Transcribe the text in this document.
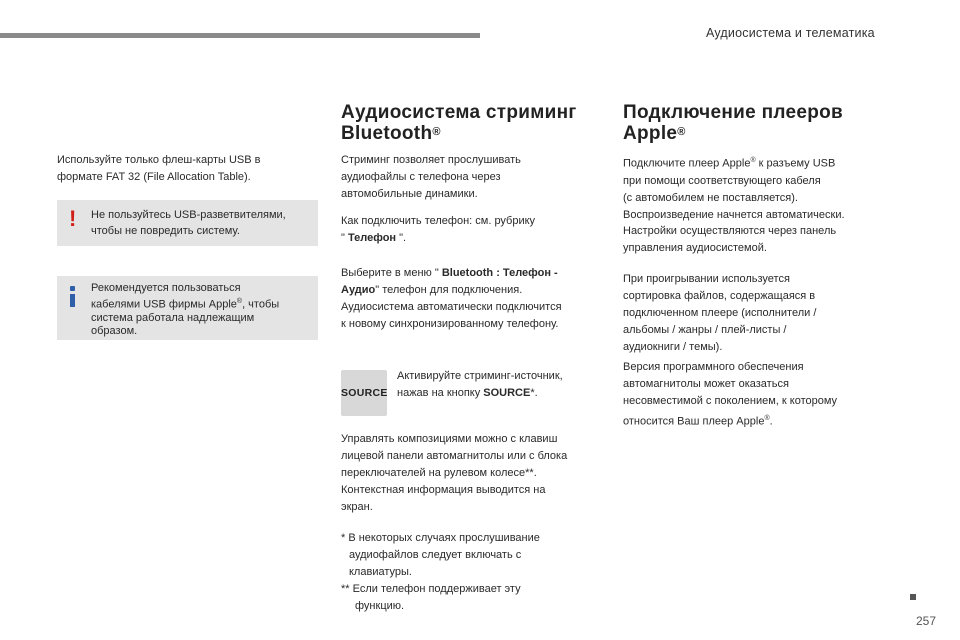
Аудиосистема и телематика
Используйте только флеш-карты USB в
формате FAT 32 (File Allocation Table).
! Не пользуйтесь USB-разветвителями,
чтобы не повредить систему.
Рекомендуется пользоваться
кабелями USB фирмы Apple®, чтобы
система работала надлежащим
образом.
Аудиосистема стриминг
Bluetooth®
Стриминг позволяет прослушивать
аудиофайлы с телефона через
автомобильные динамики.
Как подключить телефон: см. рубрику
" Телефон ".
Выберите в меню " Bluetooth : Телефон -
Аудио" телефон для подключения.
Аудиосистема автоматически подключится
к новому синхронизированному телефону.
SOURCE
Активируйте стриминг-источник,
нажав на кнопку SOURCE*.
Управлять композициями можно с клавиш
лицевой панели автомагнитолы или с блока
переключателей на рулевом колесе**.
Контекстная информация выводится на
экран.
* В некоторых случаях прослушивание
аудиофайлов следует включать с
клавиатуры.
** Если телефон поддерживает эту
функцию.
Подключение плееров
Apple®
Подключите плеер Apple® к разъему USB
при помощи соответствующего кабеля
(с автомобилем не поставляется).
Воспроизведение начнется автоматически.
Настройки осуществляются через панель
управления аудиосистемой.
При проигрывании используется
сортировка файлов, содержащаяся в
подключенном плеере (исполнители /
альбомы / жанры / плей-листы /
аудиокниги / темы).
Версия программного обеспечения
автомагнитолы может оказаться
несовместимой с поколением, к которому
относится Ваш плеер Apple®.
257
